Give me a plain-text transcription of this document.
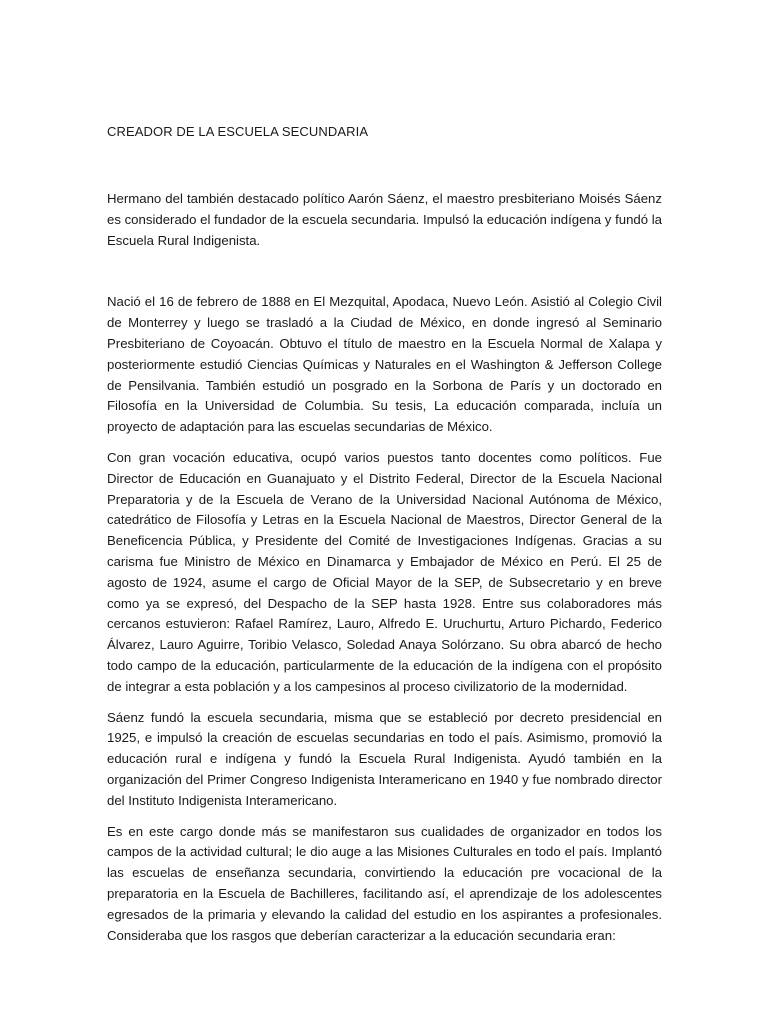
CREADOR DE LA ESCUELA SECUNDARIA

Hermano del también destacado político Aarón Sáenz, el maestro presbiteriano Moisés Sáenz es considerado el fundador de la escuela secundaria. Impulsó la educación indígena y fundó la Escuela Rural Indigenista.

Nació el 16 de febrero de 1888 en El Mezquital, Apodaca, Nuevo León. Asistió al Colegio Civil de Monterrey y luego se trasladó a la Ciudad de México, en donde ingresó al Seminario Presbiteriano de Coyoacán. Obtuvo el título de maestro en la Escuela Normal de Xalapa y posteriormente estudió Ciencias Químicas y Naturales en el Washington & Jefferson College de Pensilvania. También estudió un posgrado en la Sorbona de París y un doctorado en Filosofía en la Universidad de Columbia. Su tesis, La educación comparada, incluía un proyecto de adaptación para las escuelas secundarias de México.

Con gran vocación educativa, ocupó varios puestos tanto docentes como políticos. Fue Director de Educación en Guanajuato y el Distrito Federal, Director de la Escuela Nacional Preparatoria y de la Escuela de Verano de la Universidad Nacional Autónoma de México, catedrático de Filosofía y Letras en la Escuela Nacional de Maestros, Director General de la Beneficencia Pública, y Presidente del Comité de Investigaciones Indígenas. Gracias a su carisma fue Ministro de México en Dinamarca y Embajador de México en Perú. El 25 de agosto de 1924, asume el cargo de Oficial Mayor de la SEP, de Subsecretario y en breve como ya se expresó, del Despacho de la SEP hasta 1928. Entre sus colaboradores más cercanos estuvieron: Rafael Ramírez, Lauro, Alfredo E. Uruchurtu, Arturo Pichardo, Federico Álvarez, Lauro Aguirre, Toribio Velasco, Soledad Anaya Solórzano. Su obra abarcó de hecho todo campo de la educación, particularmente de la educación de la indígena con el propósito de integrar a esta población y a los campesinos al proceso civilizatorio de la modernidad.

Sáenz fundó la escuela secundaria, misma que se estableció por decreto presidencial en 1925, e impulsó la creación de escuelas secundarias en todo el país. Asimismo, promovió la educación rural e indígena y fundó la Escuela Rural Indigenista. Ayudó también en la organización del Primer Congreso Indigenista Interamericano en 1940 y fue nombrado director del Instituto Indigenista Interamericano.

Es en este cargo donde más se manifestaron sus cualidades de organizador en todos los campos de la actividad cultural; le dio auge a las Misiones Culturales en todo el país. Implantó las escuelas de enseñanza secundaria, convirtiendo la educación pre vocacional de la preparatoria en la Escuela de Bachilleres, facilitando así, el aprendizaje de los adolescentes egresados de la primaria y elevando la calidad del estudio en los aspirantes a profesionales. Consideraba que los rasgos que deberían caracterizar a la educación secundaria eran:
